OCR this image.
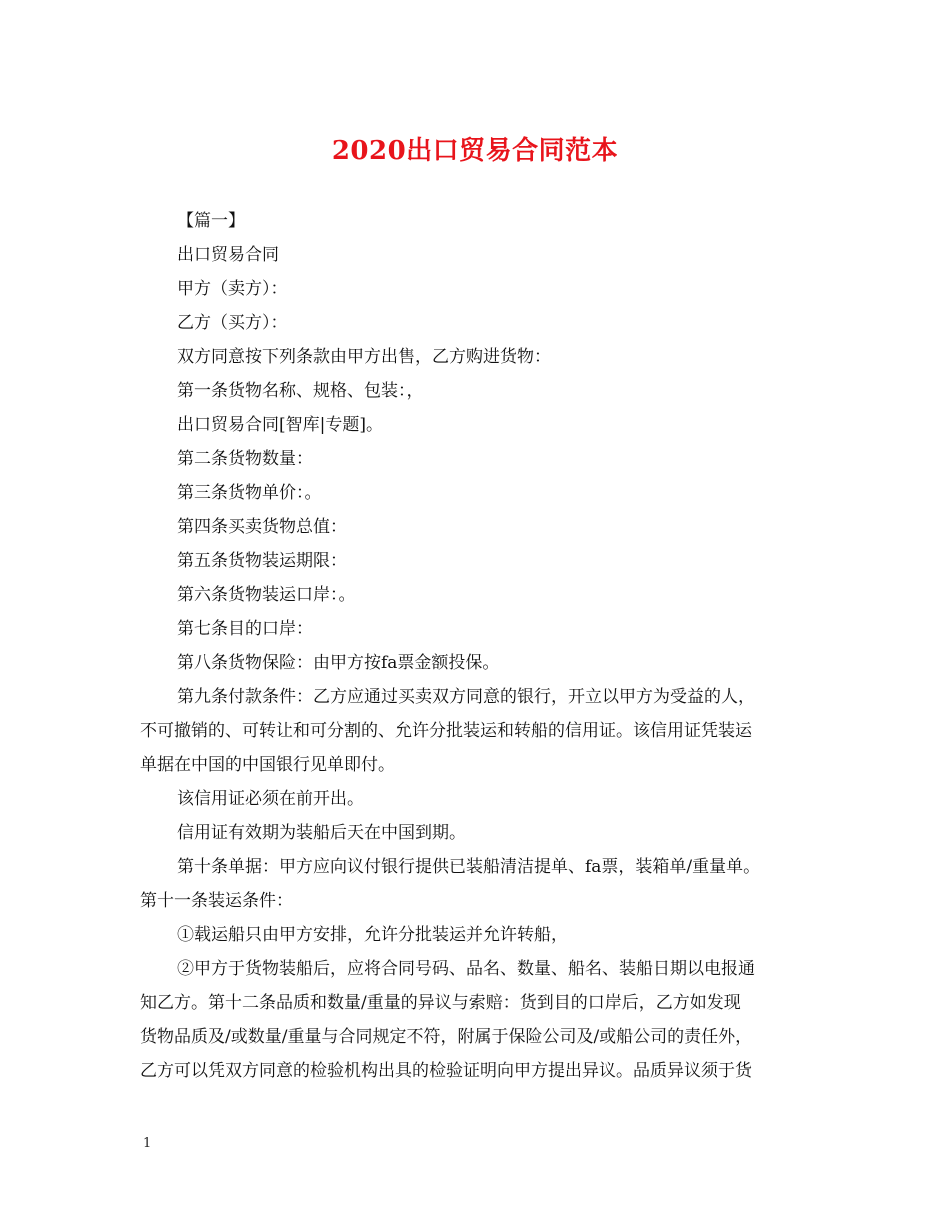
2020出口贸易合同范本
【篇一】
出口贸易合同
甲方（卖方）：
乙方（买方）：
双方同意按下列条款由甲方出售，乙方购进货物：
第一条货物名称、规格、包装：，
出口贸易合同[智库|专题]。
第二条货物数量：
第三条货物单价：。
第四条买卖货物总值：
第五条货物装运期限：
第六条货物装运口岸：。
第七条目的口岸：
第八条货物保险：由甲方按fa票金额投保。
第九条付款条件：乙方应通过买卖双方同意的银行，开立以甲方为受益的人，
不可撤销的、可转让和可分割的、允许分批装运和转船的信用证。该信用证凭装运
单据在中国的中国银行见单即付。
该信用证必须在前开出。
信用证有效期为装船后天在中国到期。
第十条单据：甲方应向议付银行提供已装船清洁提单、fa票，装箱单/重量单。
第十一条装运条件：
①载运船只由甲方安排，允许分批装运并允许转船，
②甲方于货物装船后，应将合同号码、品名、数量、船名、装船日期以电报通
知乙方。第十二条品质和数量/重量的异议与索赔：货到目的口岸后，乙方如发现
货物品质及/或数量/重量与合同规定不符，附属于保险公司及/或船公司的责任外，
乙方可以凭双方同意的检验机构出具的检验证明向甲方提出异议。品质异议须于货
1
